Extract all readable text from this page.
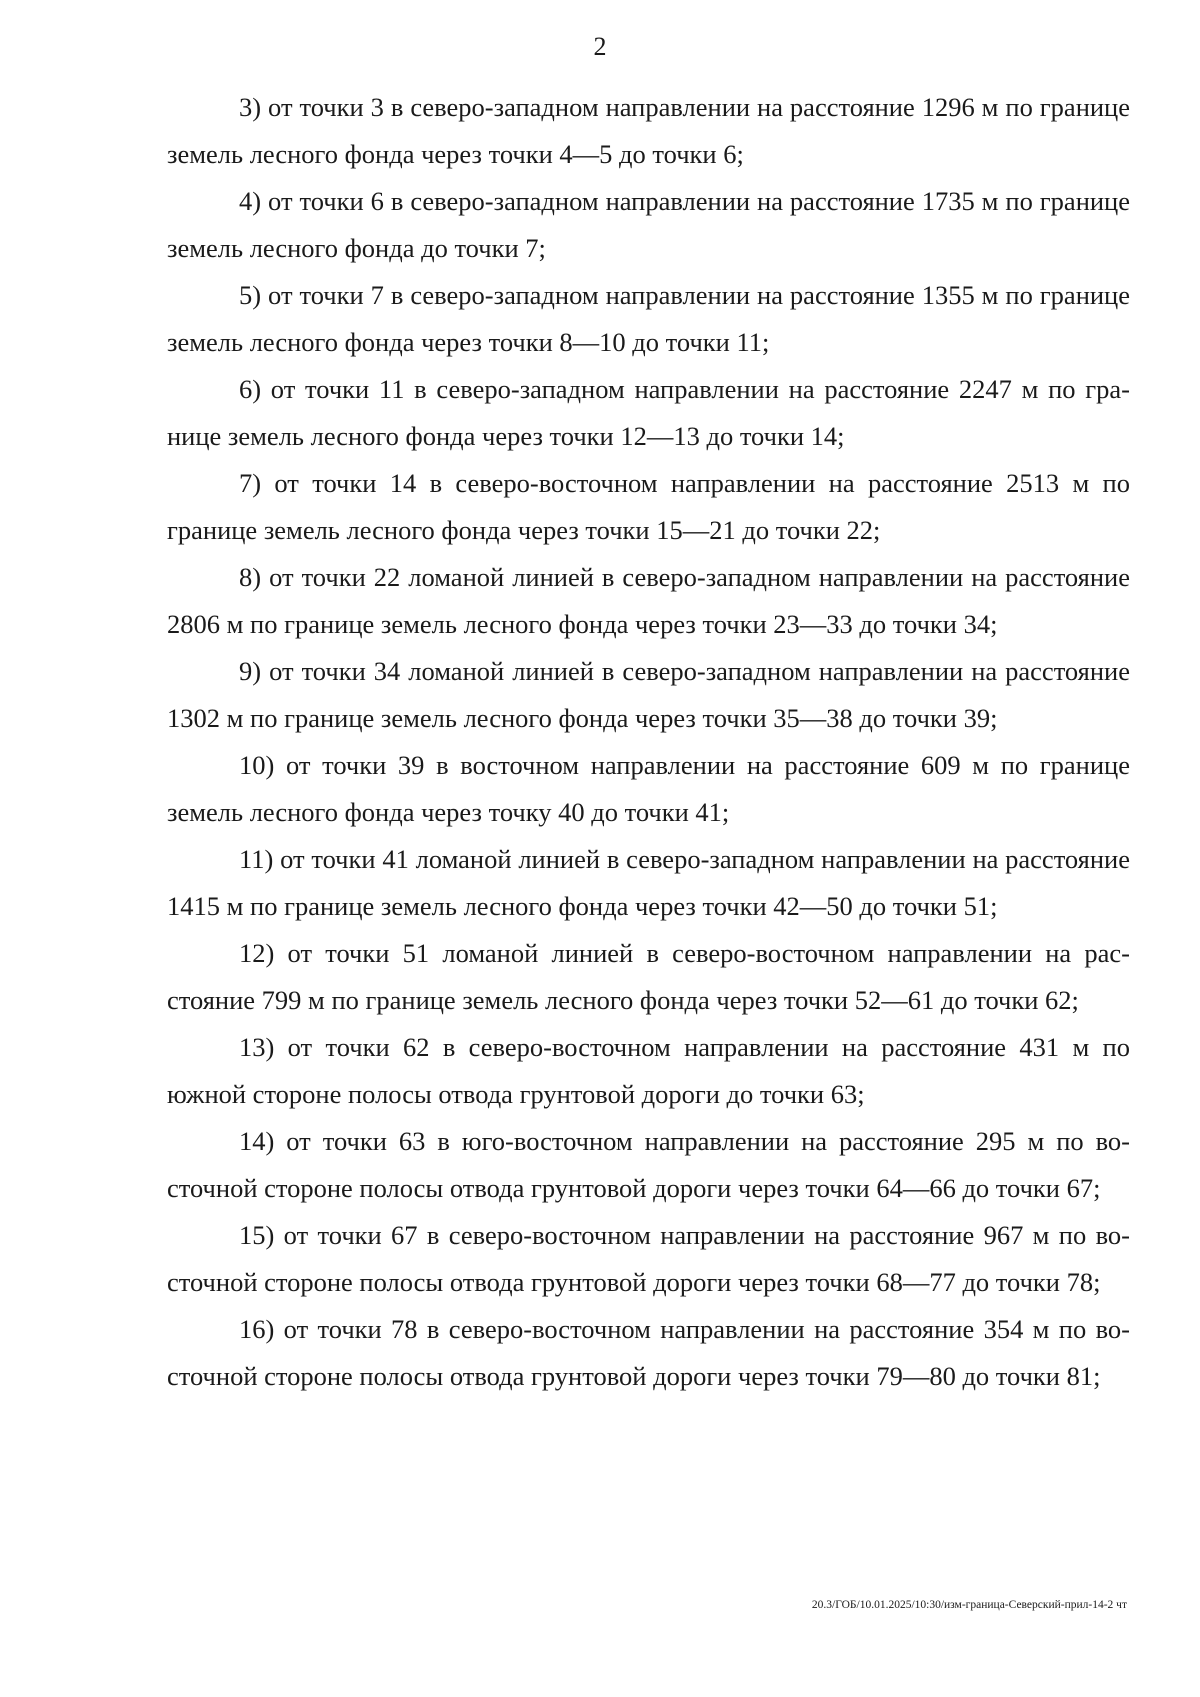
2

3) от точки 3 в северо-западном направлении на расстояние 1296 м по границе земель лесного фонда через точки 4—5 до точки 6;

4) от точки 6 в северо-западном направлении на расстояние 1735 м по границе земель лесного фонда до точки 7;

5) от точки 7 в северо-западном направлении на расстояние 1355 м по границе земель лесного фонда через точки 8—10 до точки 11;

6) от точки 11 в северо-западном направлении на расстояние 2247 м по границе земель лесного фонда через точки 12—13 до точки 14;

7) от точки 14 в северо-восточном направлении на расстояние 2513 м по границе земель лесного фонда через точки 15—21 до точки 22;

8) от точки 22 ломаной линией в северо-западном направлении на расстояние 2806 м по границе земель лесного фонда через точки 23—33 до точки 34;

9) от точки 34 ломаной линией в северо-западном направлении на расстояние 1302 м по границе земель лесного фонда через точки 35—38 до точки 39;

10) от точки 39 в восточном направлении на расстояние 609 м по границе земель лесного фонда через точку 40 до точки 41;

11) от точки 41 ломаной линией в северо-западном направлении на расстояние 1415 м по границе земель лесного фонда через точки 42—50 до точки 51;

12) от точки 51 ломаной линией в северо-восточном направлении на расстояние 799 м по границе земель лесного фонда через точки 52—61 до точки 62;

13) от точки 62 в северо-восточном направлении на расстояние 431 м по южной стороне полосы отвода грунтовой дороги до точки 63;

14) от точки 63 в юго-восточном направлении на расстояние 295 м по восточной стороне полосы отвода грунтовой дороги через точки 64—66 до точки 67;

15) от точки 67 в северо-восточном направлении на расстояние 967 м по восточной стороне полосы отвода грунтовой дороги через точки 68—77 до точки 78;

16) от точки 78 в северо-восточном направлении на расстояние 354 м по восточной стороне полосы отвода грунтовой дороги через точки 79—80 до точки 81;

20.3/ГОБ/10.01.2025/10:30/изм-граница-Северский-прил-14-2 чт
